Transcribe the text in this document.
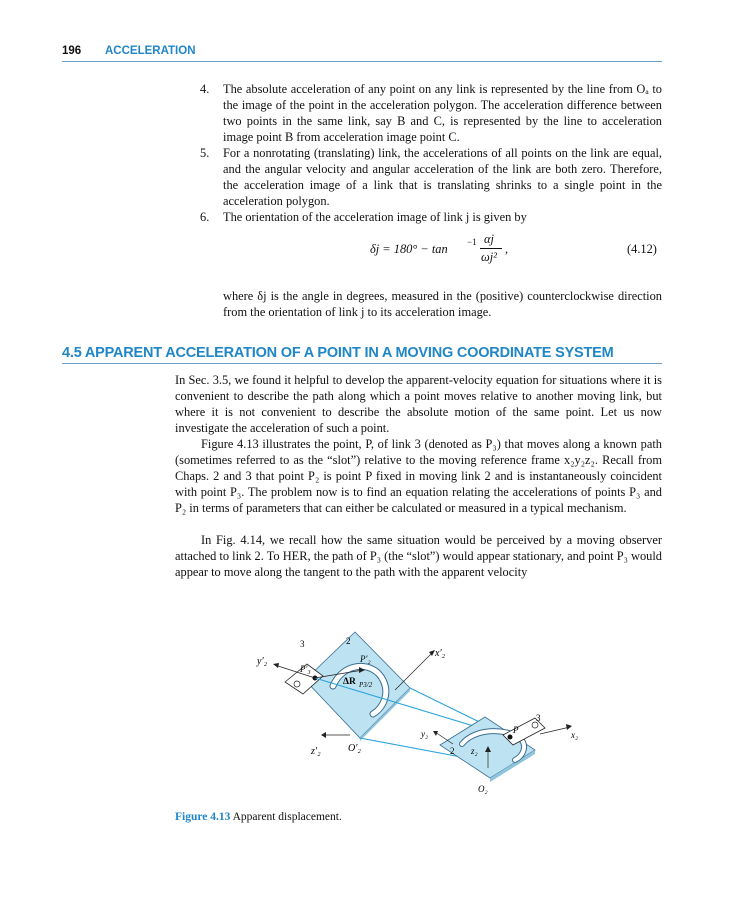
196 ACCELERATION
4.	The absolute acceleration of any point on any link is represented by the line from Oₐ to the image of the point in the acceleration polygon. The acceleration difference between two points in the same link, say B and C, is represented by the line to acceleration image point B from acceleration image point C.
5.	For a nonrotating (translating) link, the accelerations of all points on the link are equal, and the angular velocity and angular acceleration of the link are both zero. Therefore, the acceleration image of a link that is translating shrinks to a single point in the acceleration polygon.
6.	The orientation of the acceleration image of link j is given by
δj = 180° − tan −1 αj
ωj²
,	(4.12)
where δj is the angle in degrees, measured in the (positive) counterclockwise direction from the orientation of link j to its acceleration image.
4.5 APPARENT ACCELERATION OF A POINT IN A MOVING COORDINATE SYSTEM
In Sec. 3.5, we found it helpful to develop the apparent-velocity equation for situations where it is convenient to describe the path along which a point moves relative to another moving link, but where it is not convenient to describe the absolute motion of the same point. Let us now investigate the acceleration of such a point.
Figure 4.13 illustrates the point, P, of link 3 (denoted as P₃) that moves along a known path (sometimes referred to as the “slot”) relative to the moving reference frame x₂y₂z₂. Recall from Chaps. 2 and 3 that point P₂ is point P fixed in moving link 2 and is instantaneously coincident with point P₃. The problem now is to find an equation relating the accelerations of points P₃ and P₂ in terms of parameters that can either be calculated or measured in a typical mechanism.
In Fig. 4.14, we recall how the same situation would be perceived by a moving observer attached to link 2. To HER, the path of P₃ (the “slot”) would appear stationary, and point P₃ would appear to move along the tangent to the path with the apparent velocity
y′₂
z′₂
x′₂
O′₂
P′₃
P′₂
ΔR P3/2
3	2
3
2
y₂
z₂
x₂
O₂
P
Figure 4.13 Apparent displacement.
